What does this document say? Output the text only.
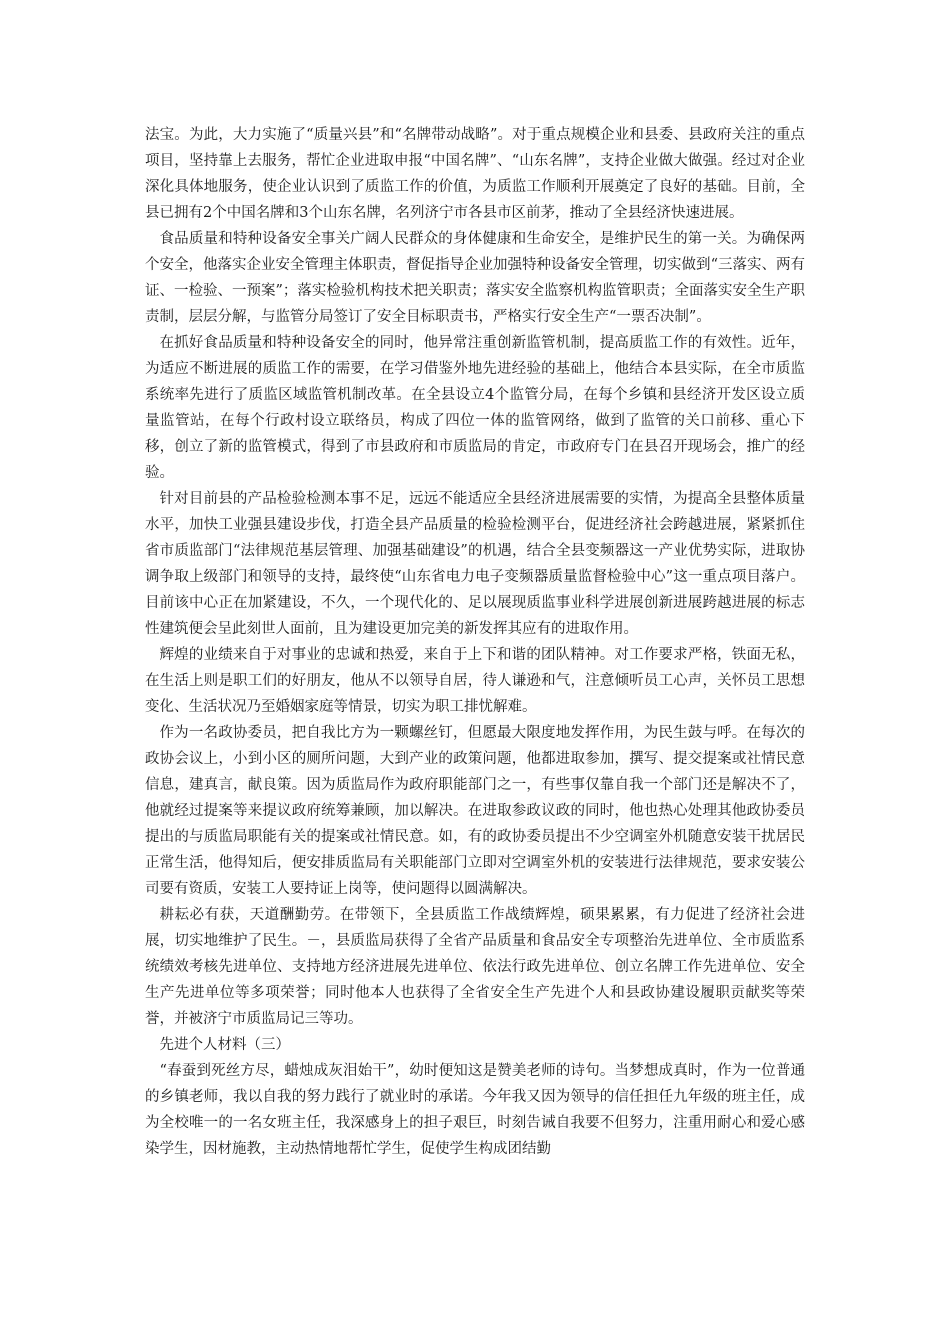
法宝。为此，大力实施了“质量兴县”和“名牌带动战略”。对于重点规模企业和县委、县政府关注的重点项目，坚持靠上去服务，帮忙企业进取申报“中国名牌”、“山东名牌”，支持企业做大做强。经过对企业深化具体地服务，使企业认识到了质监工作的价值，为质监工作顺利开展奠定了良好的基础。目前，全县已拥有2个中国名牌和3个山东名牌，名列济宁市各县市区前茅，推动了全县经济快速进展。

食品质量和特种设备安全事关广阔人民群众的身体健康和生命安全，是维护民生的第一关。为确保两个安全，他落实企业安全管理主体职责，督促指导企业加强特种设备安全管理，切实做到“三落实、两有证、一检验、一预案”；落实检验机构技术把关职责；落实安全监察机构监管职责；全面落实安全生产职责制，层层分解，与监管分局签订了安全目标职责书，严格实行安全生产“一票否决制”。

在抓好食品质量和特种设备安全的同时，他异常注重创新监管机制，提高质监工作的有效性。近年，为适应不断进展的质监工作的需要，在学习借鉴外地先进经验的基础上，他结合本县实际，在全市质监系统率先进行了质监区域监管机制改革。在全县设立4个监管分局，在每个乡镇和县经济开发区设立质量监管站，在每个行政村设立联络员，构成了四位一体的监管网络，做到了监管的关口前移、重心下移，创立了新的监管模式，得到了市县政府和市质监局的肯定，市政府专门在县召开现场会，推广的经验。

针对目前县的产品检验检测本事不足，远远不能适应全县经济进展需要的实情，为提高全县整体质量水平，加快工业强县建设步伐，打造全县产品质量的检验检测平台，促进经济社会跨越进展，紧紧抓住省市质监部门“法律规范基层管理、加强基础建设”的机遇，结合全县变频器这一产业优势实际，进取协调争取上级部门和领导的支持，最终使“山东省电力电子变频器质量监督检验中心”这一重点项目落户。目前该中心正在加紧建设，不久，一个现代化的、足以展现质监事业科学进展创新进展跨越进展的标志性建筑便会呈此刻世人面前，且为建设更加完美的新发挥其应有的进取作用。

辉煌的业绩来自于对事业的忠诚和热爱，来自于上下和谐的团队精神。对工作要求严格，铁面无私，在生活上则是职工们的好朋友，他从不以领导自居，待人谦逊和气，注意倾听员工心声，关怀员工思想变化、生活状况乃至婚姻家庭等情景，切实为职工排忧解难。

作为一名政协委员，把自我比方为一颗螺丝钉，但愿最大限度地发挥作用，为民生鼓与呼。在每次的政协会议上，小到小区的厕所问题，大到产业的政策问题，他都进取参加，撰写、提交提案或社情民意信息，建真言，献良策。因为质监局作为政府职能部门之一，有些事仅靠自我一个部门还是解决不了，他就经过提案等来提议政府统筹兼顾，加以解决。在进取参政议政的同时，他也热心处理其他政协委员提出的与质监局职能有关的提案或社情民意。如，有的政协委员提出不少空调室外机随意安装干扰居民正常生活，他得知后，便安排质监局有关职能部门立即对空调室外机的安装进行法律规范，要求安装公司要有资质，安装工人要持证上岗等，使问题得以圆满解决。

耕耘必有获，天道酬勤劳。在带领下，全县质监工作战绩辉煌，硕果累累，有力促进了经济社会进展，切实地维护了民生。－，县质监局获得了全省产品质量和食品安全专项整治先进单位、全市质监系统绩效考核先进单位、支持地方经济进展先进单位、依法行政先进单位、创立名牌工作先进单位、安全生产先进单位等多项荣誉；同时他本人也获得了全省安全生产先进个人和县政协建设履职贡献奖等荣誉，并被济宁市质监局记三等功。

先进个人材料（三）

“春蚕到死丝方尽，蜡烛成灰泪始干”，幼时便知这是赞美老师的诗句。当梦想成真时，作为一位普通的乡镇老师，我以自我的努力践行了就业时的承诺。今年我又因为领导的信任担任九年级的班主任，成为全校唯一的一名女班主任，我深感身上的担子艰巨，时刻告诫自我要不但努力，注重用耐心和爱心感染学生，因材施教，主动热情地帮忙学生，促使学生构成团结勤
